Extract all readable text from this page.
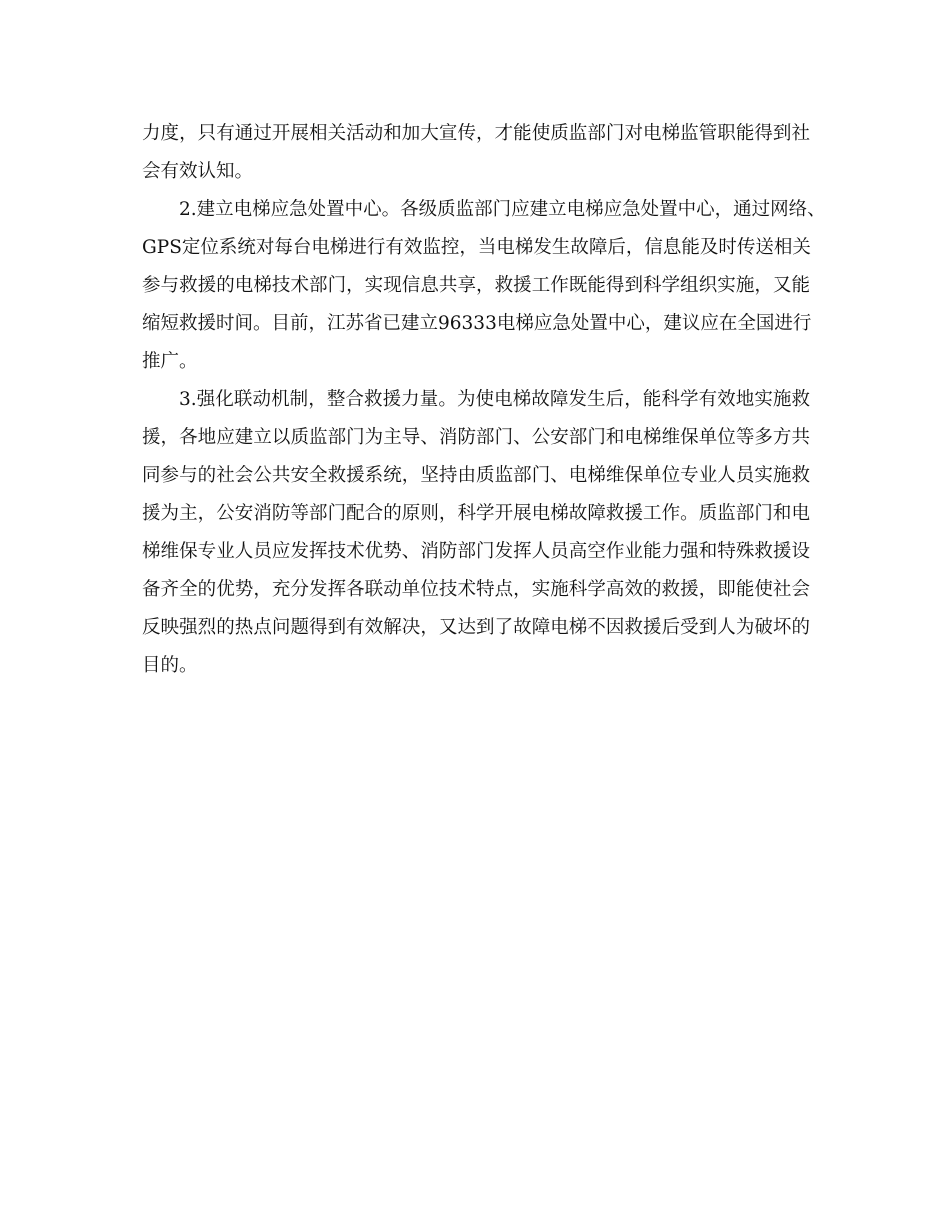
力度，只有通过开展相关活动和加大宣传，才能使质监部门对电梯监管职能得到社
会有效认知。
2.建立电梯应急处置中心。各级质监部门应建立电梯应急处置中心，通过网络、
GPS定位系统对每台电梯进行有效监控，当电梯发生故障后，信息能及时传送相关
参与救援的电梯技术部门，实现信息共享，救援工作既能得到科学组织实施，又能
缩短救援时间。目前，江苏省已建立96333电梯应急处置中心，建议应在全国进行
推广。
3.强化联动机制，整合救援力量。为使电梯故障发生后，能科学有效地实施救
援，各地应建立以质监部门为主导、消防部门、公安部门和电梯维保单位等多方共
同参与的社会公共安全救援系统，坚持由质监部门、电梯维保单位专业人员实施救
援为主，公安消防等部门配合的原则，科学开展电梯故障救援工作。质监部门和电
梯维保专业人员应发挥技术优势、消防部门发挥人员高空作业能力强和特殊救援设
备齐全的优势，充分发挥各联动单位技术特点，实施科学高效的救援，即能使社会
反映强烈的热点问题得到有效解决，又达到了故障电梯不因救援后受到人为破坏的
目的。
